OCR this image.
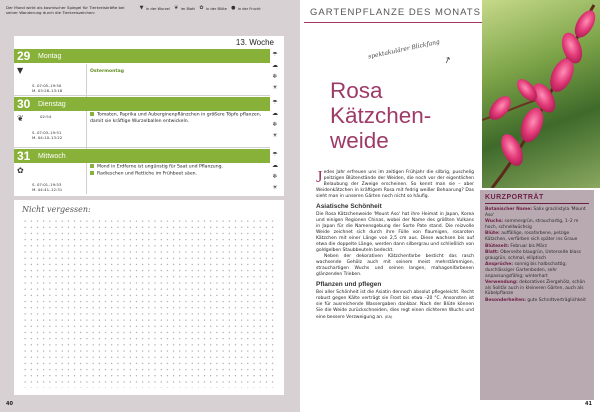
Der Mond wirkt als kosmischer Spiegel für Tierkreiskräfte bei seiner Wanderung durch die Tierkreiszeichen:
▼ in der Wurzel ❦ im Blatt ✿ in der Blüte ● in der Frucht
13. Woche
29	Montag
▼	Ostermontag
S. 07:05–19:50
M. 03:28–13:18
☂
☁
❄
☀
30	Dienstag
❦	02:54	Tomaten, Paprika und Auberginenpflänzchen in größere Töpfe pflanzen, damit sie kräftige Wurzelballen entwickeln.
S. 07:03–19:51
M. 04:10–13:22
☂
☁
❄
☀
31	Mittwoch
✿	Mond in Erdferne ist ungünstig für Saat und Pflanzung.
Radieschen und Rettiche im Frühbeet säen.
S. 07:01–19:53
M. 04:41–12:31
☂
☁
❄
☀
Nicht vergessen:
40
GARTENPFLANZE DES MONATS
spektakulärer Blickfang
↗
Rosa Kätzchen-weide

Jedes Jahr erfreuen uns im zeitigen Frühjahr die silbrig, puschelig peitzigen Blütenstände der Weiden, die noch vor der eigentlichen Belaubung der Zweige erscheinen. So kennt man sie – aber Weidenkätzchen in kräftigem Rosa mit fedrig weißer Behaarung? Das sieht man in unseren Gärten noch nicht so häufig.

Asiatische Schönheit

Die Rosa Kätzchenweide 'Mount Aso' hat ihre Heimat in Japan, Korea und einigen Regionen Chinas, wobei der Name des größten Vulkans in Japan für die Namensgebung der Sorte Pate stand. Die reizvolle Weide zeichnet sich durch ihre Fülle von flaumigen, rosaroten Kätzchen mit einer Länge von 2,5 cm aus. Diese wachsen bis auf etwa die doppelte Länge, werden dann silbergrau und schließlich von goldgelben Staubbeuteln bedeckt.

Neben der dekorativen Kätzchenfarbe besticht das rasch wachsende Gehölz auch mit seinem meist mehrstämmigen, strauchartigen Wuchs und seinen langen, mahagonifarbenen glänzenden Trieben.

Pflanzen und pflegen

Bei aller Schönheit ist die Asiatin dennoch absolut pflegeleicht. Recht robust gegen Kälte verträgt sie Frost bis etwa –20 °C. Ansonsten ist sie für ausreichende Wassergaben dankbar. Nach der Blüte können Sie die Weide zurückschneiden, dies regt einen dichteren Wuchs und eine bessere Verzweigung an. (EA)

KURZPORTRÄT
Botanischer Name: Salix gracilistyla 'Mount Aso'
Wuchs: sommergrün, strauchartig, 1–2 m hoch, schnellwüchsig
Blüte: auffällige, rosafarbene, pelzige Kätzchen, verfärben sich später ins Graue
Blütezeit: Februar bis März
Blatt: Oberseite blaugrün, Unterseite blass graugrün, schmal, elliptisch
Ansprüche: sonnig bis halbschattig; durchlässiger Gartenboden, sehr anpassungsfähig; winterhart
Verwendung: dekoratives Ziergehölz, schön als Solitär auch in kleineren Gärten, auch als Kübelpflanze
Besonderheiten: gute Schnittverträglichkeit
41
